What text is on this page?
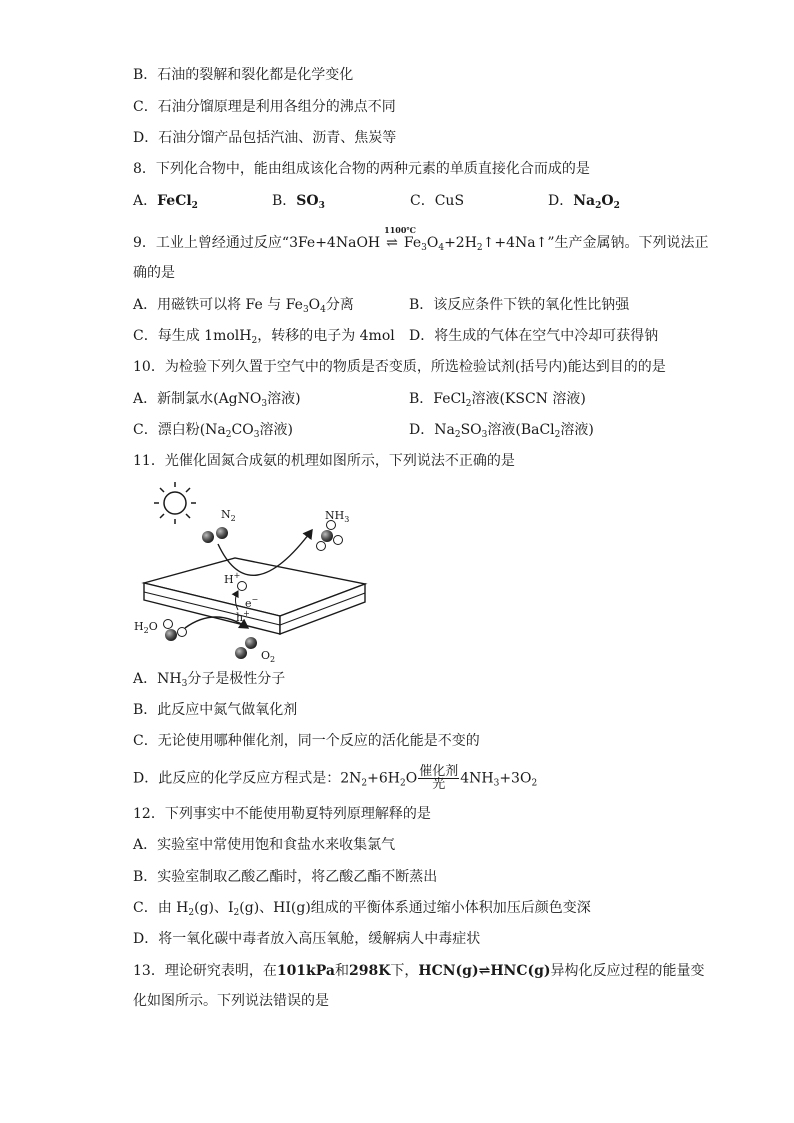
B．石油的裂解和裂化都是化学变化
C．石油分馏原理是利用各组分的沸点不同
D．石油分馏产品包括汽油、沥青、焦炭等
8．下列化合物中，能由组成该化合物的两种元素的单质直接化合而成的是
A．FeCl$_2$	B．$SO_3$	C．CuS	D．$Na_2O_2$
9．工业上曾经通过反应“3Fe+4NaOH
1100℃
⇌ $Fe_3O_4+2H_2↑+4Na↑$”生产金属钠。下列说法正
确的是
A．用磁铁可以将 Fe 与 $Fe_3O_4$分离	B．该反应条件下铁的氧化性比钠强
C．每生成 1molH$_2$，转移的电子为 4mol D．将生成的气体在空气中冷却可获得钠
10．为检验下列久置于空气中的物质是否变质，所选检验试剂(括号内)能达到目的的是
A．新制氯水(AgNO$_3$溶液)	B．FeCl$_2$溶液(KSCN 溶液)
C．漂白粉($Na_2CO_3$溶液)	D．$Na_2SO_3$溶液(BaCl$_2$溶液)
11．光催化固氮合成氨的机理如图所示，下列说法不正确的是
$N_2$	$NH_3$
H+
e−
h+
$H_2O$
$O_2$
A．$NH_3$分子是极性分子
B．此反应中氮气做氧化剂
C．无论使用哪种催化剂，同一个反应的活化能是不变的
D．此反应的化学反应方程式是：$2N_2+6H_2O \frac{\text{催化剂}}{\text{光}} 4NH_3+3O_2$
12．下列事实中不能使用勒夏特列原理解释的是
A．实验室中常使用饱和食盐水来收集氯气
B．实验室制取乙酸乙酯时，将乙酸乙酯不断蒸出
C．由 $H_2(g)$、$I_2(g)$、HI(g)组成的平衡体系通过缩小体积加压后颜色变深
D．将一氧化碳中毒者放入高压氧舱，缓解病人中毒症状
13．理论研究表明，在101kPa和298K下，HCN(g)⇌HNC(g)异构化反应过程的能量变
化如图所示。下列说法错误的是
